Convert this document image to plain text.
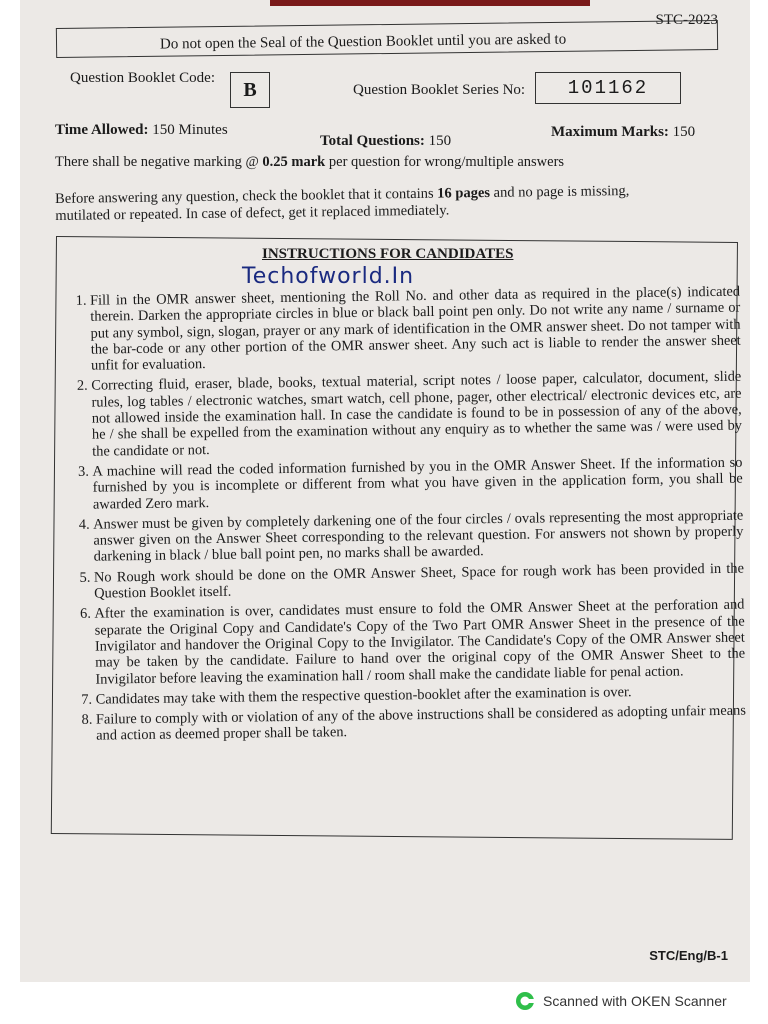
STC-2023
Do not open the Seal of the Question Booklet until you are asked to
Question Booklet Code:
B	Question Booklet Series No:	101162
Time Allowed: 150 Minutes
Total Questions: 150
Maximum Marks: 150
There shall be negative marking @ 0.25 mark per question for wrong/multiple answers
Before answering any question, check the booklet that it contains 16 pages and no page is missing, mutilated or repeated. In case of defect, get it replaced immediately.
INSTRUCTIONS FOR CANDIDATES
Techofworld.In
1. Fill in the OMR answer sheet, mentioning the Roll No. and other data as required in the place(s) indicated therein. Darken the appropriate circles in blue or black ball point pen only. Do not write any name / surname or put any symbol, sign, slogan, prayer or any mark of identification in the OMR answer sheet. Do not tamper with the bar-code or any other portion of the OMR answer sheet. Any such act is liable to render the answer sheet unfit for evaluation.
2. Correcting fluid, eraser, blade, books, textual material, script notes / loose paper, calculator, document, slide rules, log tables / electronic watches, smart watch, cell phone, pager, other electrical/ electronic devices etc, are not allowed inside the examination hall. In case the candidate is found to be in possession of any of the above, he / she shall be expelled from the examination without any enquiry as to whether the same was / were used by the candidate or not.
3. A machine will read the coded information furnished by you in the OMR Answer Sheet. If the information so furnished by you is incomplete or different from what you have given in the application form, you shall be awarded Zero mark.
4. Answer must be given by completely darkening one of the four circles / ovals representing the most appropriate answer given on the Answer Sheet corresponding to the relevant question. For answers not shown by properly darkening in black / blue ball point pen, no marks shall be awarded.
5. No Rough work should be done on the OMR Answer Sheet, Space for rough work has been provided in the Question Booklet itself.
6. After the examination is over, candidates must ensure to fold the OMR Answer Sheet at the perforation and separate the Original Copy and Candidate's Copy of the Two Part OMR Answer Sheet in the presence of the Invigilator and handover the Original Copy to the Invigilator. The Candidate's Copy of the OMR Answer sheet may be taken by the candidate. Failure to hand over the original copy of the OMR Answer Sheet to the Invigilator before leaving the examination hall / room shall make the candidate liable for penal action.
7. Candidates may take with them the respective question-booklet after the examination is over.
8. Failure to comply with or violation of any of the above instructions shall be considered as adopting unfair means and action as deemed proper shall be taken.
STC/Eng/B-1
Scanned with OKEN Scanner
